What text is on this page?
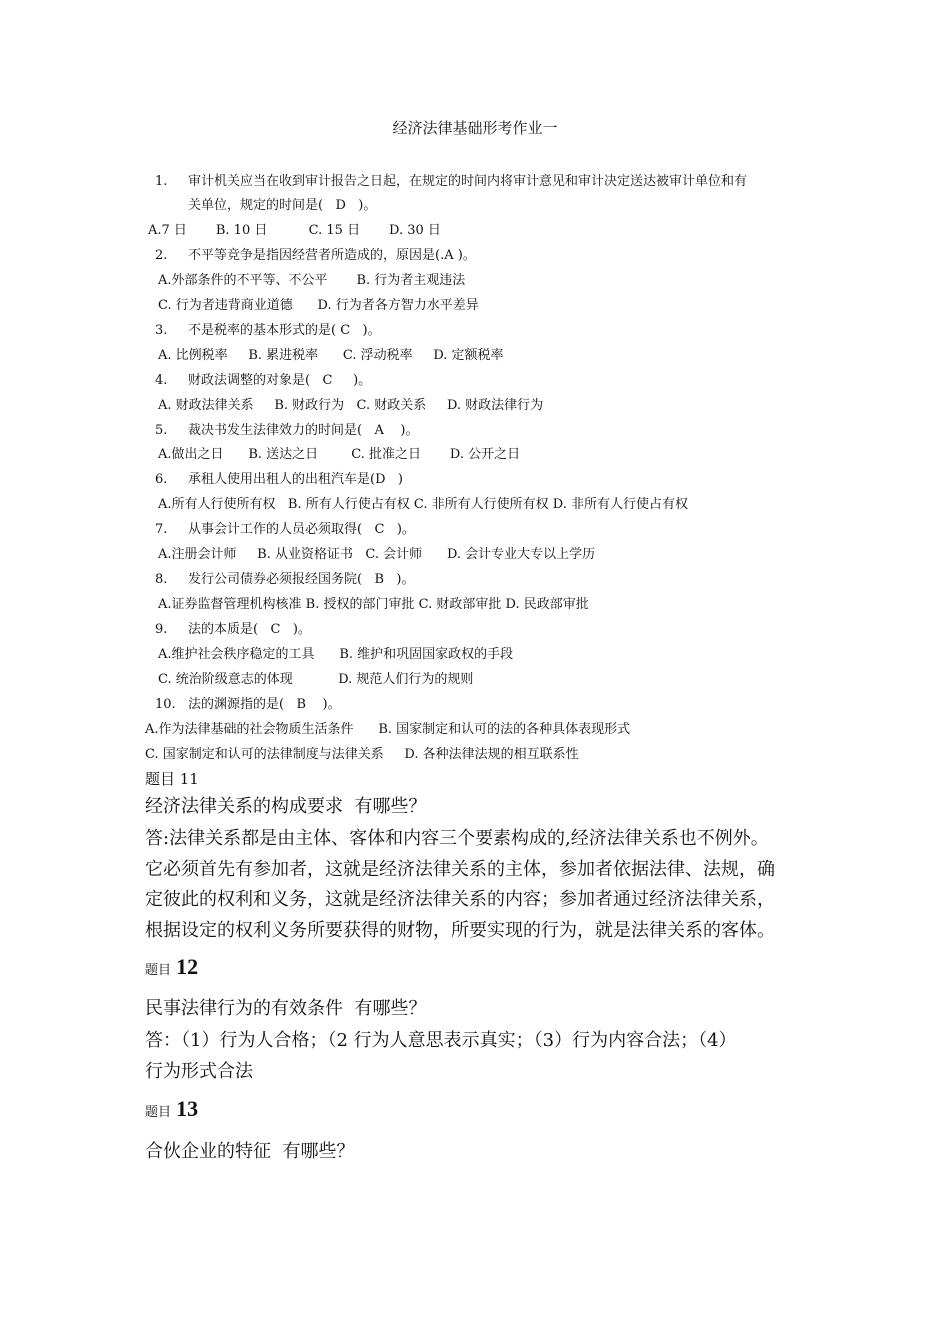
经济法律基础形考作业一
1. 审计机关应当在收到审计报告之日起，在规定的时间内将审计意见和审计决定送达被审计单位和有
关单位，规定的时间是(   D   )。
A.7 日       B. 10 日          C. 15 日       D. 30 日
2. 不平等竞争是指因经营者所造成的，原因是(.A )。
A.外部条件的不平等、不公平       B. 行为者主观违法
C. 行为者违背商业道德      D. 行为者各方智力水平差异
3. 不是税率的基本形式的是( C   )。
A. 比例税率     B. 累进税率      C. 浮动税率     D. 定额税率
4. 财政法调整的对象是(   C     )。
A. 财政法律关系     B. 财政行为   C. 财政关系     D. 财政法律行为
5. 裁决书发生法律效力的时间是(   A    )。
A.做出之日      B. 送达之日        C. 批准之日       D. 公开之日
6. 承租人使用出租人的出租汽车是(D   )
A.所有人行使所有权   B. 所有人行使占有权 C. 非所有人行使所有权 D. 非所有人行使占有权
7. 从事会计工作的人员必须取得(   C   )。
A.注册会计师     B. 从业资格证书   C. 会计师      D. 会计专业大专以上学历
8. 发行公司债券必须报经国务院(   B   )。
A.证券监督管理机构核准 B. 授权的部门审批 C. 财政部审批 D. 民政部审批
9. 法的本质是(   C   )。
A.维护社会秩序稳定的工具      B. 维护和巩固国家政权的手段
C. 统治阶级意志的体现           D. 规范人们行为的规则
10. 法的渊源指的是(   B    )。
A.作为法律基础的社会物质生活条件      B. 国家制定和认可的法的各种具体表现形式
C. 国家制定和认可的法律制度与法律关系     D. 各种法律法规的相互联系性
题目 11
经济法律关系的构成要求  有哪些？
答:法律关系都是由主体、客体和内容三个要素构成的,经济法律关系也不例外。
它必须首先有参加者，这就是经济法律关系的主体，参加者依据法律、法规，确
定彼此的权利和义务，这就是经济法律关系的内容；参加者通过经济法律关系，
根据设定的权利义务所要获得的财物，所要实现的行为，就是法律关系的客体。
题目 12
民事法律行为的有效条件  有哪些？
答：（1）行为人合格；（2 行为人意思表示真实；（3）行为内容合法；（4）
行为形式合法
题目 13
合伙企业的特征  有哪些？
